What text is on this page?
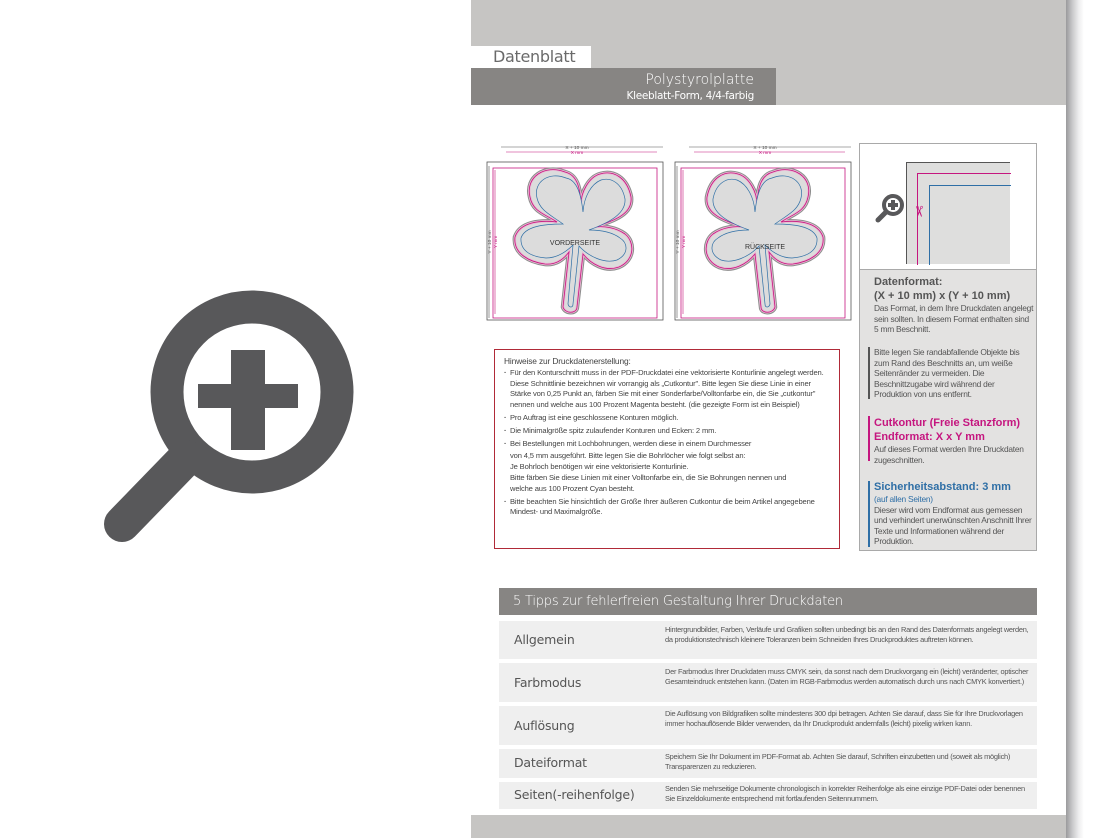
Datenblatt
Polystyrolplatte
Kleeblatt-Form, 4/4-farbig
X + 10 mm
X mm
Y + 10 mm Y mm	VORDERSEITE
X + 10 mm
X mm
Y + 10 mm Y mm	RÜCKSEITE
✂
Datenformat:
(X + 10 mm) x (Y + 10 mm)
Das Format, in dem Ihre Druckdaten angelegt sein sollten. In diesem Format enthalten sind 5 mm Beschnitt.
Bitte legen Sie randabfallende Objekte bis zum Rand des Beschnitts an, um weiße Seitenränder zu vermeiden. Die Beschnittzugabe wird während der Produktion von uns entfernt.
Cutkontur (Freie Stanzform)
Endformat: X x Y mm
Auf dieses Format werden Ihre Druckdaten zugeschnitten.
Sicherheitsabstand: 3 mm
(auf allen Seiten)
Dieser wird vom Endformat aus gemessen und verhindert unerwünschten Anschnitt Ihrer Texte und Informationen während der Produktion.
Hinweise zur Druckdatenerstellung:
· Für den Konturschnitt muss in der PDF-Druckdatei eine vektorisierte Konturlinie angelegt werden. Diese Schnittlinie bezeichnen wir vorrangig als „Cutkontur". Bitte legen Sie diese Linie in einer Stärke von 0,25 Punkt an, färben Sie mit einer Sonderfarbe/Volltonfarbe ein, die Sie „cutkontur" nennen und welche aus 100 Prozent Magenta besteht. (die gezeigte Form ist ein Beispiel)
· Pro Auftrag ist eine geschlossene Konturen möglich.
· Die Minimalgröße spitz zulaufender Konturen und Ecken: 2 mm.
· Bei Bestellungen mit Lochbohrungen, werden diese in einem Durchmesser
von 4,5 mm ausgeführt. Bitte legen Sie die Bohrlöcher wie folgt selbst an:
Je Bohrloch benötigen wir eine vektorisierte Konturlinie.
Bitte färben Sie diese Linien mit einer Volltonfarbe ein, die Sie Bohrungen nennen und
welche aus 100 Prozent Cyan besteht.
· Bitte beachten Sie hinsichtlich der Größe Ihrer äußeren Cutkontur die beim Artikel angegebene Mindest- und Maximalgröße.
5 Tipps zur fehlerfreien Gestaltung Ihrer Druckdaten
Allgemein
Hintergrundbilder, Farben, Verläufe und Grafiken sollten unbedingt bis an den Rand des Datenformats angelegt werden, da produktionstechnisch kleinere Toleranzen beim Schneiden Ihres Druckproduktes auftreten können.
Farbmodus
Der Farbmodus Ihrer Druckdaten muss CMYK sein, da sonst nach dem Druckvorgang ein (leicht) veränderter, optischer Gesamteindruck entstehen kann. (Daten im RGB-Farbmodus werden automatisch durch uns nach CMYK konvertiert.)
Auflösung
Die Auflösung von Bildgrafiken sollte mindestens 300 dpi betragen. Achten Sie darauf, dass Sie für Ihre Druckvorlagen immer hochauflösende Bilder verwenden, da Ihr Druckprodukt andernfalls (leicht) pixelig wirken kann.
Dateiformat	Speichern Sie Ihr Dokument im PDF-Format ab. Achten Sie darauf, Schriften einzubetten und (soweit als möglich) Transparenzen zu reduzieren.
Seiten(-reihenfolge)	Senden Sie mehrseitige Dokumente chronologisch in korrekter Reihenfolge als eine einzige PDF-Datei oder benennen Sie Einzeldokumente entsprechend mit fortlaufenden Seitennummern.
